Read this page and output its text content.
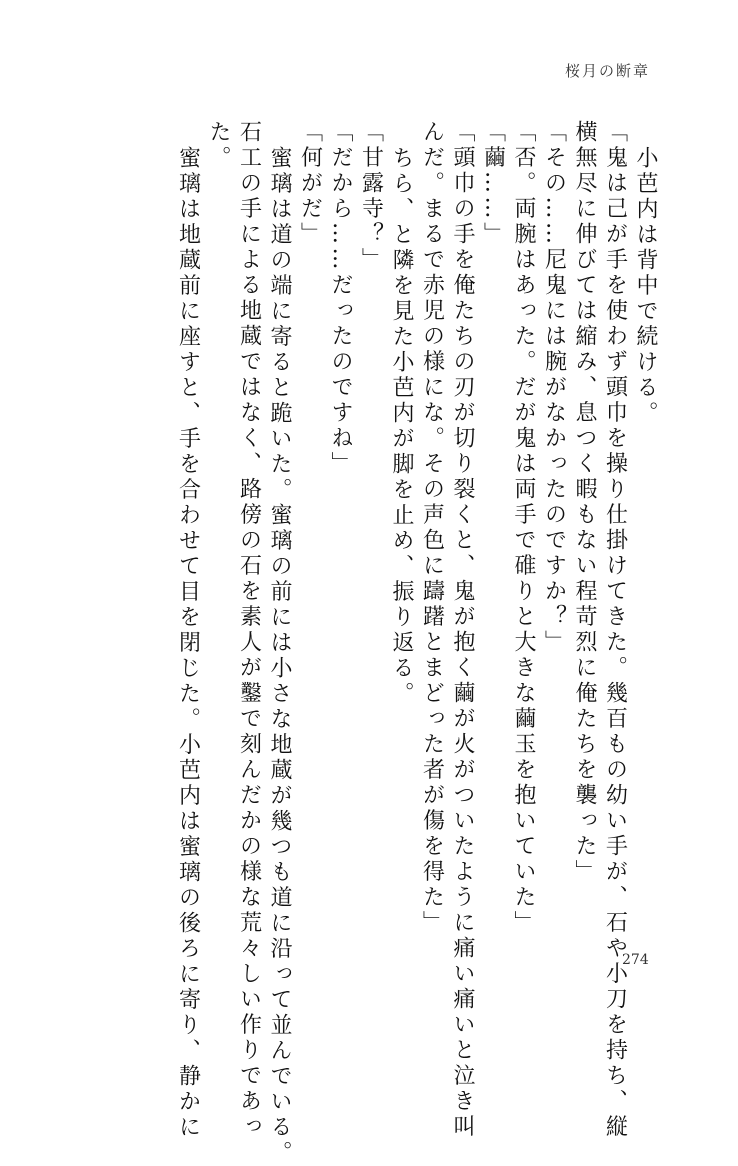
桜月の断章

小芭内は背中で続ける。

「鬼は己が手を使わず頭巾を操り仕掛けてきた。幾百もの幼い手が、石や小刀を持ち、縦

横無尽に伸びては縮み、息つく暇もない程苛烈に俺たちを襲った」

「その……尼鬼には腕がなかったのですか？」

「否。両腕はあった。だが鬼は両手で碓りと大きな繭玉を抱いていた」

「繭……」

「頭巾の手を俺たちの刃が切り裂くと、鬼が抱く繭が火がついたように痛い痛いと泣き叫

んだ。まるで赤児の様にな。その声色に躊躇とまどった者が傷を得た」

ちら、と隣を見た小芭内が脚を止め、振り返る。

「甘露寺？」

「だから……だったのですね」

「何がだ」

蜜璃は道の端に寄ると跪いた。蜜璃の前には小さな地蔵が幾つも道に沿って並んでいる。

石工の手による地蔵ではなく、路傍の石を素人が鑿で刻んだかの様な荒々しい作りであっ

た。

蜜璃は地蔵前に座すと、手を合わせて目を閉じた。小芭内は蜜璃の後ろに寄り、静かに	274
